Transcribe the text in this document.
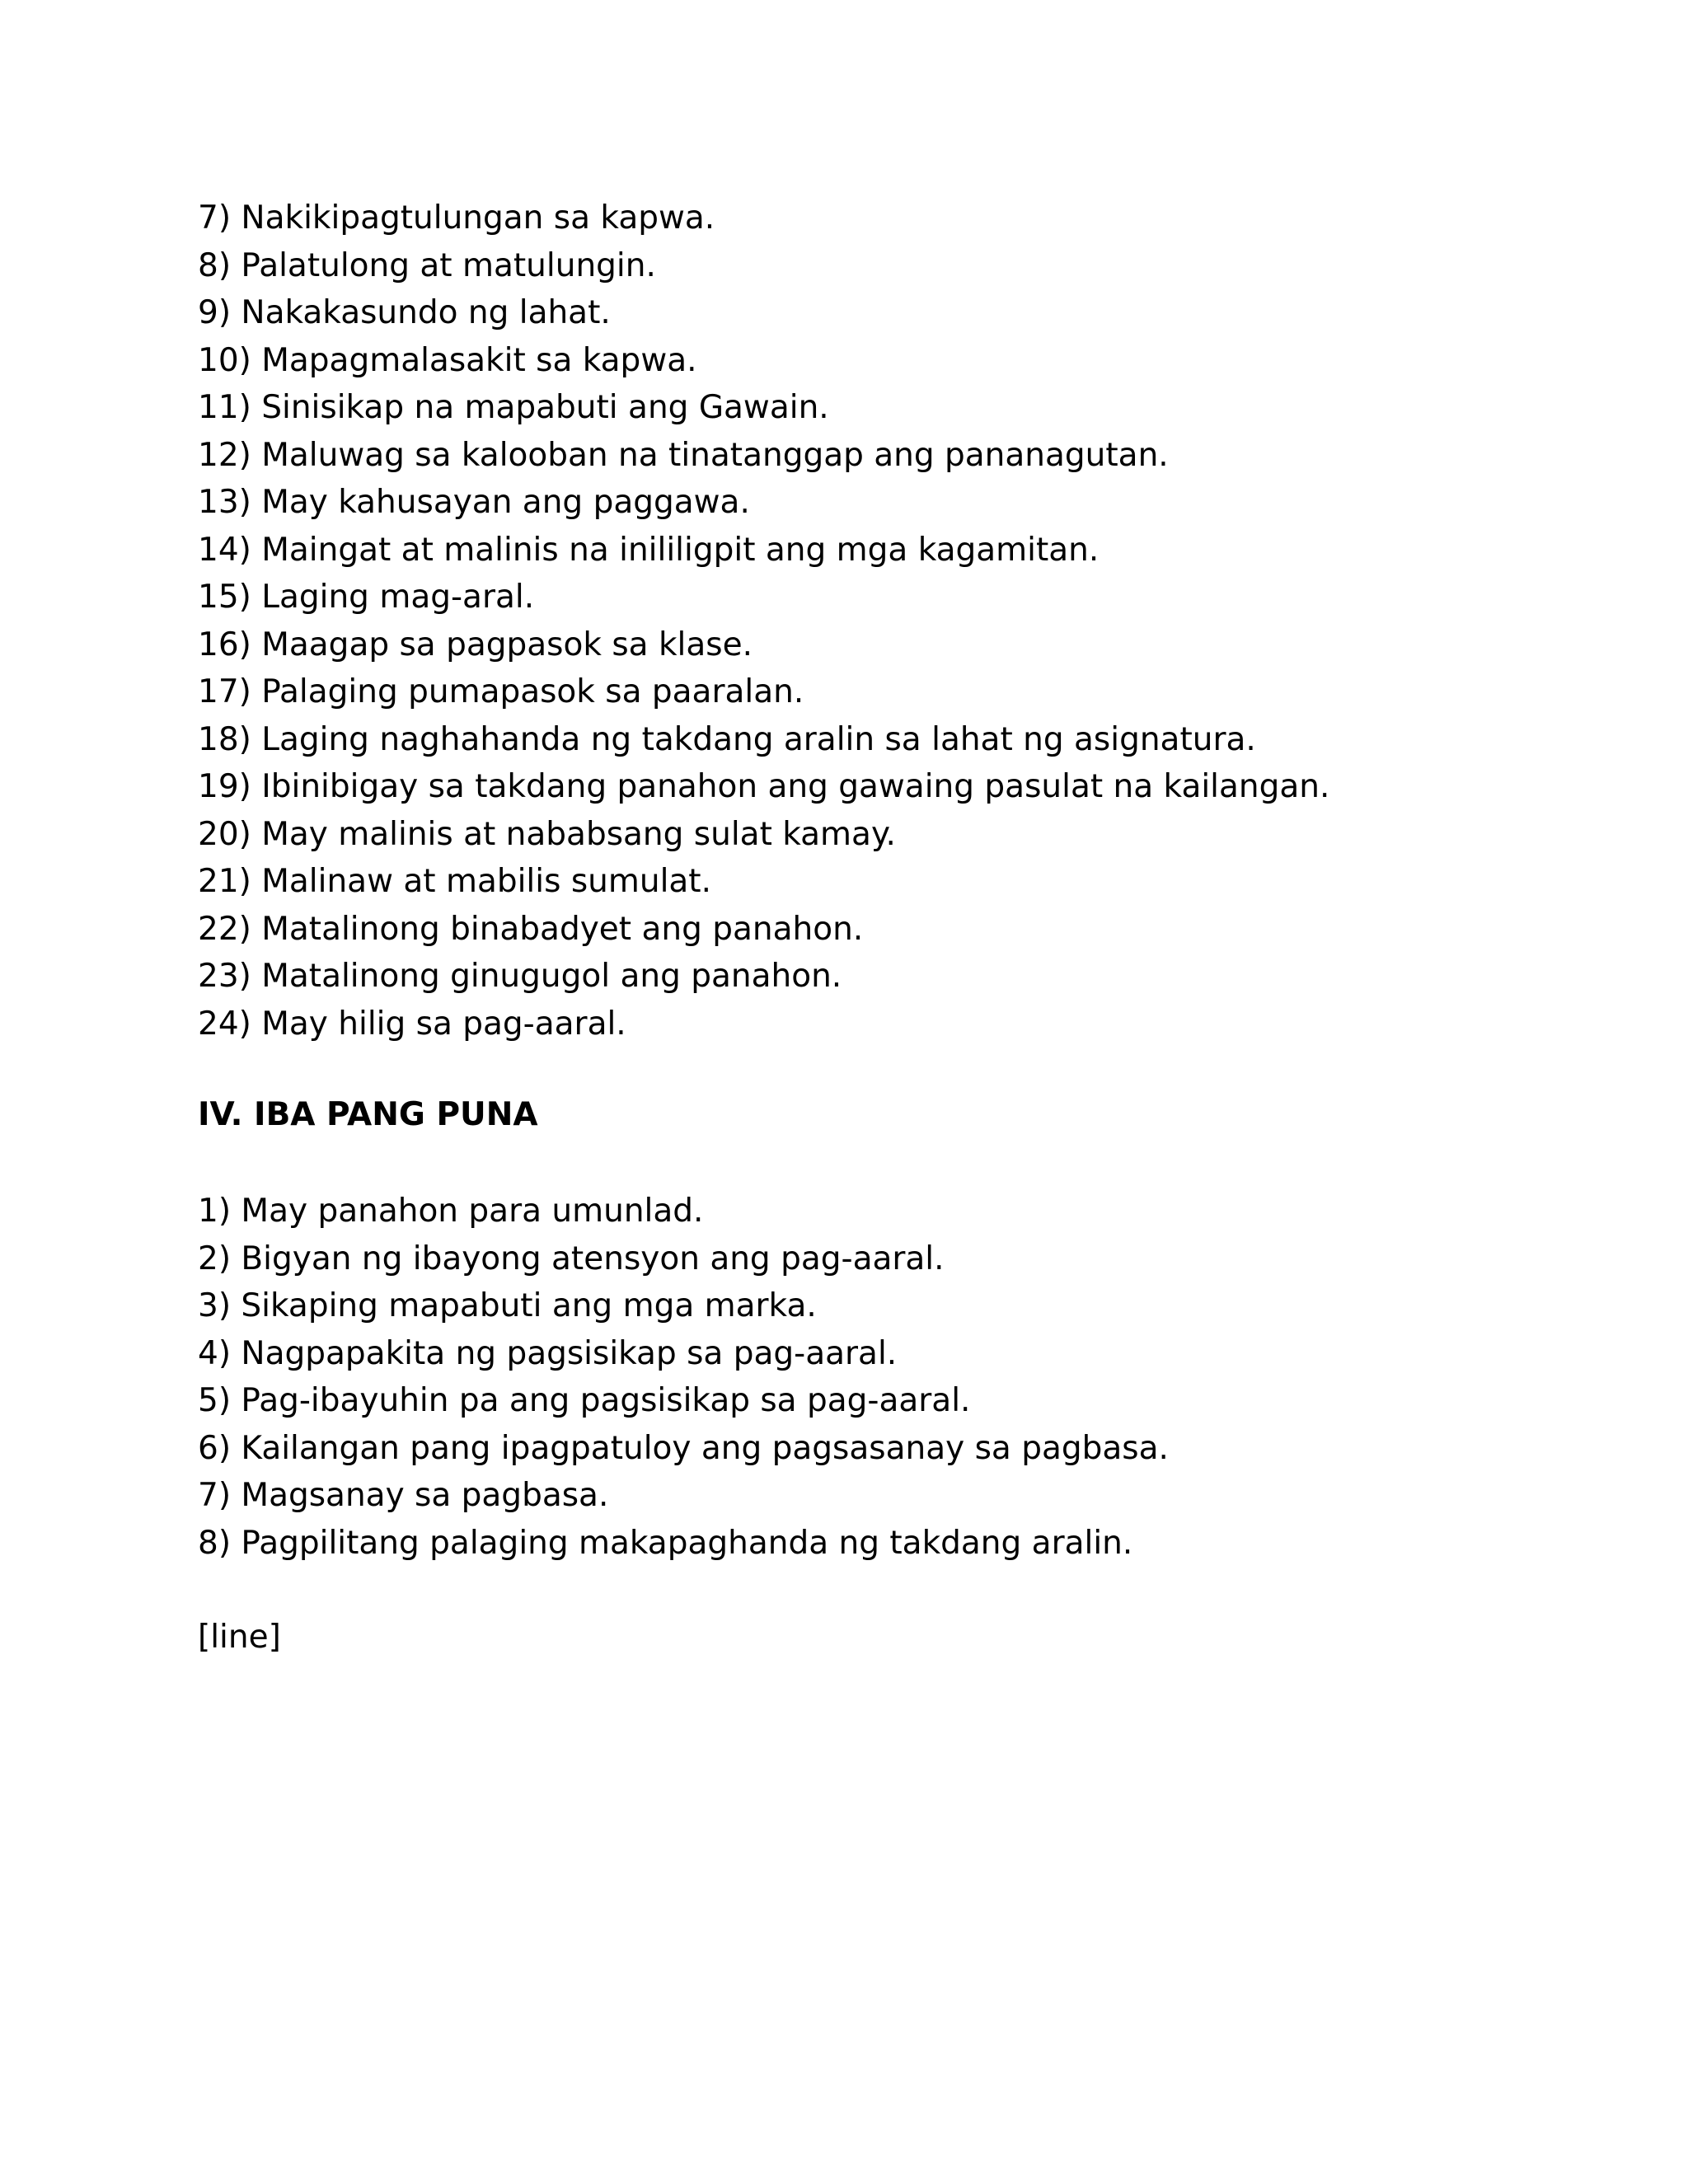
7) Nakikipagtulungan sa kapwa.
8) Palatulong at matulungin.
9) Nakakasundo ng lahat.
10) Mapagmalasakit sa kapwa.
11) Sinisikap na mapabuti ang Gawain.
12) Maluwag sa kalooban na tinatanggap ang pananagutan.
13) May kahusayan ang paggawa.
14) Maingat at malinis na inililigpit ang mga kagamitan.
15) Laging mag-aral.
16) Maagap sa pagpasok sa klase.
17) Palaging pumapasok sa paaralan.
18) Laging naghahanda ng takdang aralin sa lahat ng asignatura.
19) Ibinibigay sa takdang panahon ang gawaing pasulat na kailangan.
20) May malinis at nababsang sulat kamay.
21) Malinaw at mabilis sumulat.
22) Matalinong binabadyet ang panahon.
23) Matalinong ginugugol ang panahon.
24) May hilig sa pag-aaral.
IV. IBA PANG PUNA
1) May panahon para umunlad.
2) Bigyan ng ibayong atensyon ang pag-aaral.
3) Sikaping mapabuti ang mga marka.
4) Nagpapakita ng pagsisikap sa pag-aaral.
5) Pag-ibayuhin pa ang pagsisikap sa pag-aaral.
6) Kailangan pang ipagpatuloy ang pagsasanay sa pagbasa.
7) Magsanay sa pagbasa.
8) Pagpilitang palaging makapaghanda ng takdang aralin.
[line]
